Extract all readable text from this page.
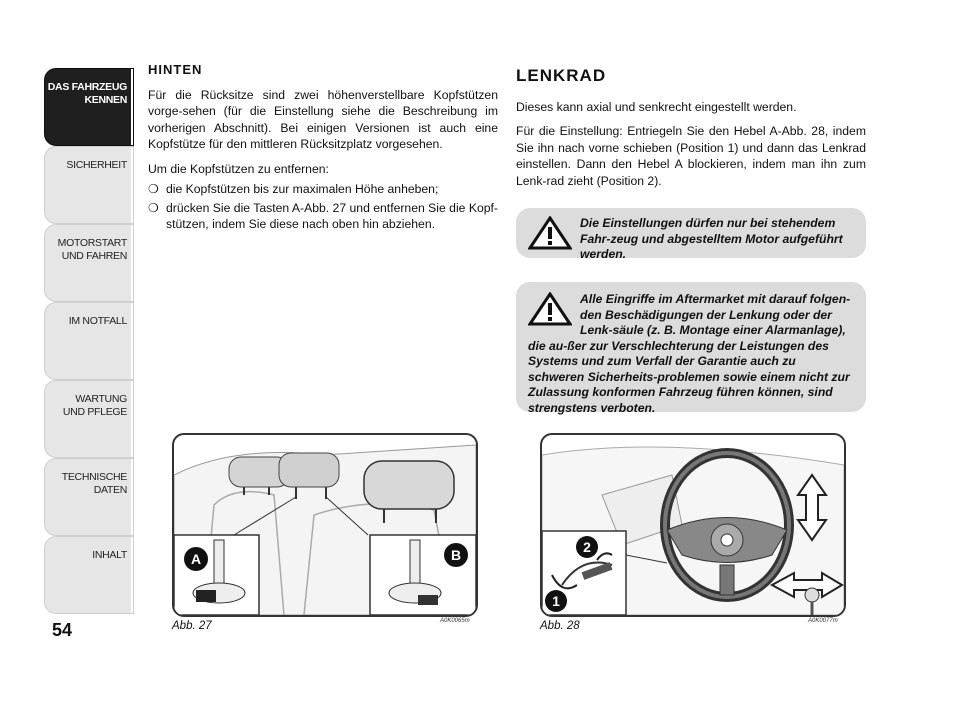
DAS FAHRZEUG
KENNEN
SICHERHEIT
MOTORSTART
UND FAHREN
IM NOTFALL
WARTUNG
UND PFLEGE
TECHNISCHE
DATEN
INHALT
54
HINTEN

Für die Rücksitze sind zwei höhenverstellbare Kopfstützen vorge-sehen (für die Einstellung siehe die Beschreibung im vorherigen Abschnitt). Bei einigen Versionen ist auch eine Kopfstütze für den mittleren Rücksitzplatz vorgesehen.

Um die Kopfstützen zu entfernen:

❍ die Kopfstützen bis zur maximalen Höhe anheben;
❍ drücken Sie die Tasten A-Abb. 27 und entfernen Sie die Kopf-stützen, indem Sie diese nach oben hin abziehen.
LENKRAD

Dieses kann axial und senkrecht eingestellt werden.

Für die Einstellung: Entriegeln Sie den Hebel A-Abb. 28, indem Sie ihn nach vorne schieben (Position 1) und dann das Lenkrad einstellen. Dann den Hebel A blockieren, indem man ihn zum Lenk-rad zieht (Position 2).

Die Einstellungen dürfen nur bei stehendem Fahr-zeug und abgestelltem Motor aufgeführt werden.
Alle Eingriffe im Aftermarket mit darauf folgen-den Beschädigungen der Lenkung oder der Lenk-säule (z. B. Montage einer Alarmanlage), die au-ßer zur Verschlechterung der Leistungen des Systems und zum Verfall der Garantie auch zu schweren Sicherheits-problemen sowie einem nicht zur Zulassung konformen Fahrzeug führen können, sind strengstens verboten.
A	B
Abb. 27	A0K0065m
2
1
Abb. 28	A0K0077m
